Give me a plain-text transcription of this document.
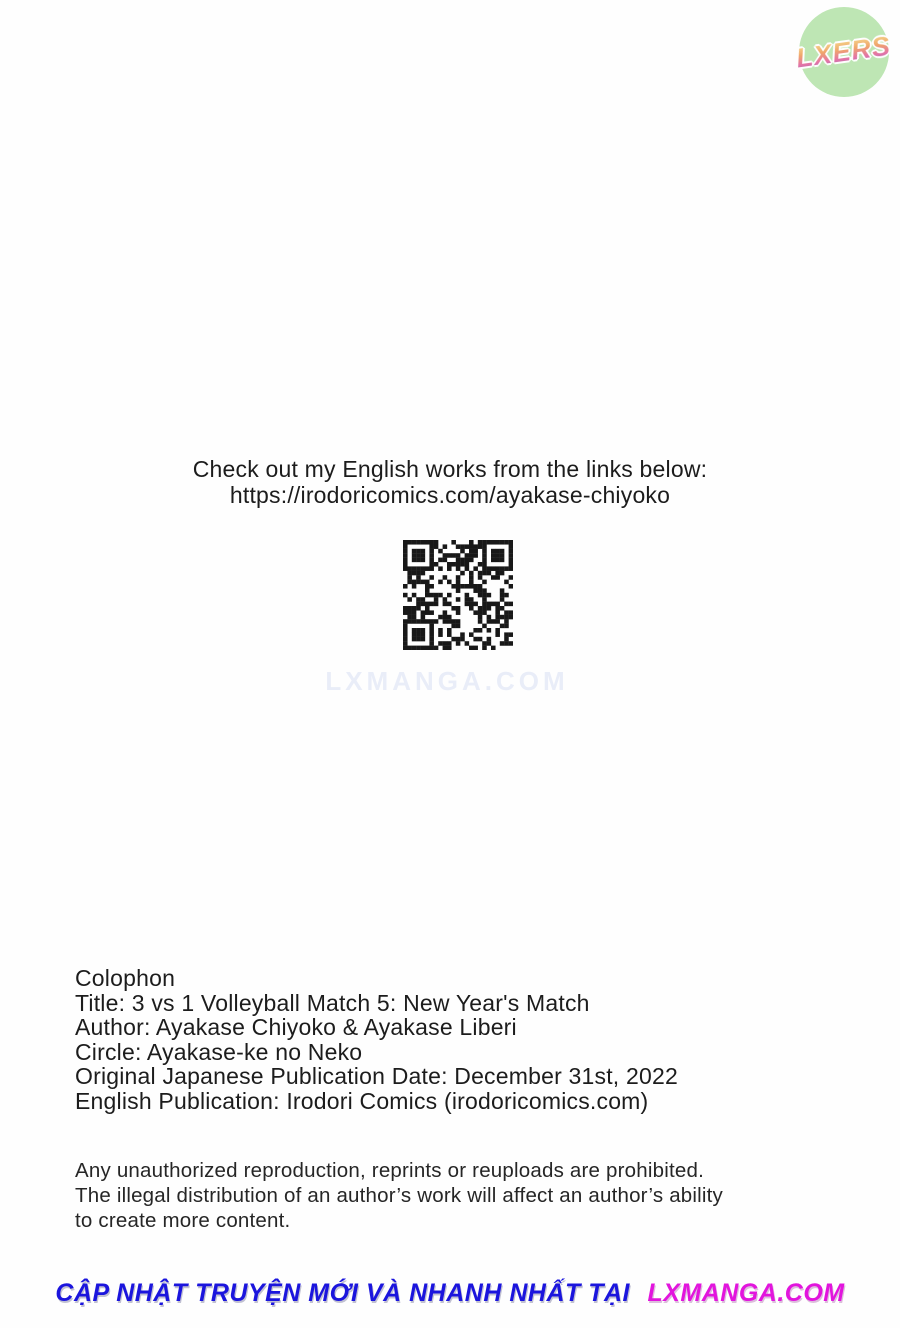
LXERS
Check out my English works from the links below:
https://irodoricomics.com/ayakase-chiyoko
LXMANGA.COM
Colophon
Title: 3 vs 1 Volleyball Match 5: New Year's Match
Author: Ayakase Chiyoko & Ayakase Liberi
Circle: Ayakase-ke no Neko
Original Japanese Publication Date: December 31st, 2022
English Publication: Irodori Comics (irodoricomics.com)
Any unauthorized reproduction, reprints or reuploads are prohibited.
The illegal distribution of an author’s work will affect an author’s ability
to create more content.
CẬP NHẬT TRUYỆN MỚI VÀ NHANH NHẤT TẠI LXMANGA.COM
